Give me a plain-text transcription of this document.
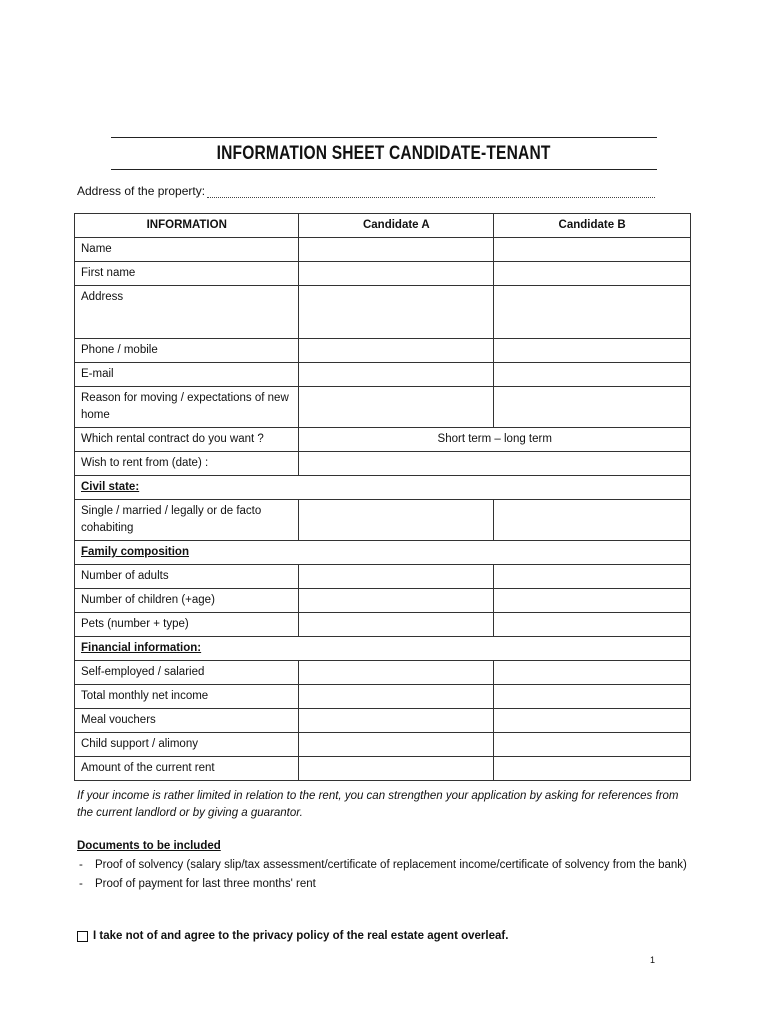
INFORMATION SHEET CANDIDATE-TENANT
Address of the property:
INFORMATION	Candidate A	Candidate B
Name		
First name		
Address		
Phone / mobile		
E-mail		
Reason for moving / expectations of new home		
Which rental contract do you want ?	Short term – long term	
Wish to rent from (date) :		
Civil state:		
Single / married / legally or de facto cohabiting		
Family composition		
Number of adults		
Number of children (+age)		
Pets (number + type)		
Financial information:		
Self-employed / salaried		
Total monthly net income		
Meal vouchers		
Child support / alimony		
Amount of the current rent		
If your income is rather limited in relation to the rent, you can strengthen your application by asking for references from the current landlord or by giving a guarantor.
Documents to be included
- Proof of solvency (salary slip/tax assessment/certificate of replacement income/certificate of solvency from the bank)
- Proof of payment for last three months' rent
I take not of and agree to the privacy policy of the real estate agent overleaf.
1
